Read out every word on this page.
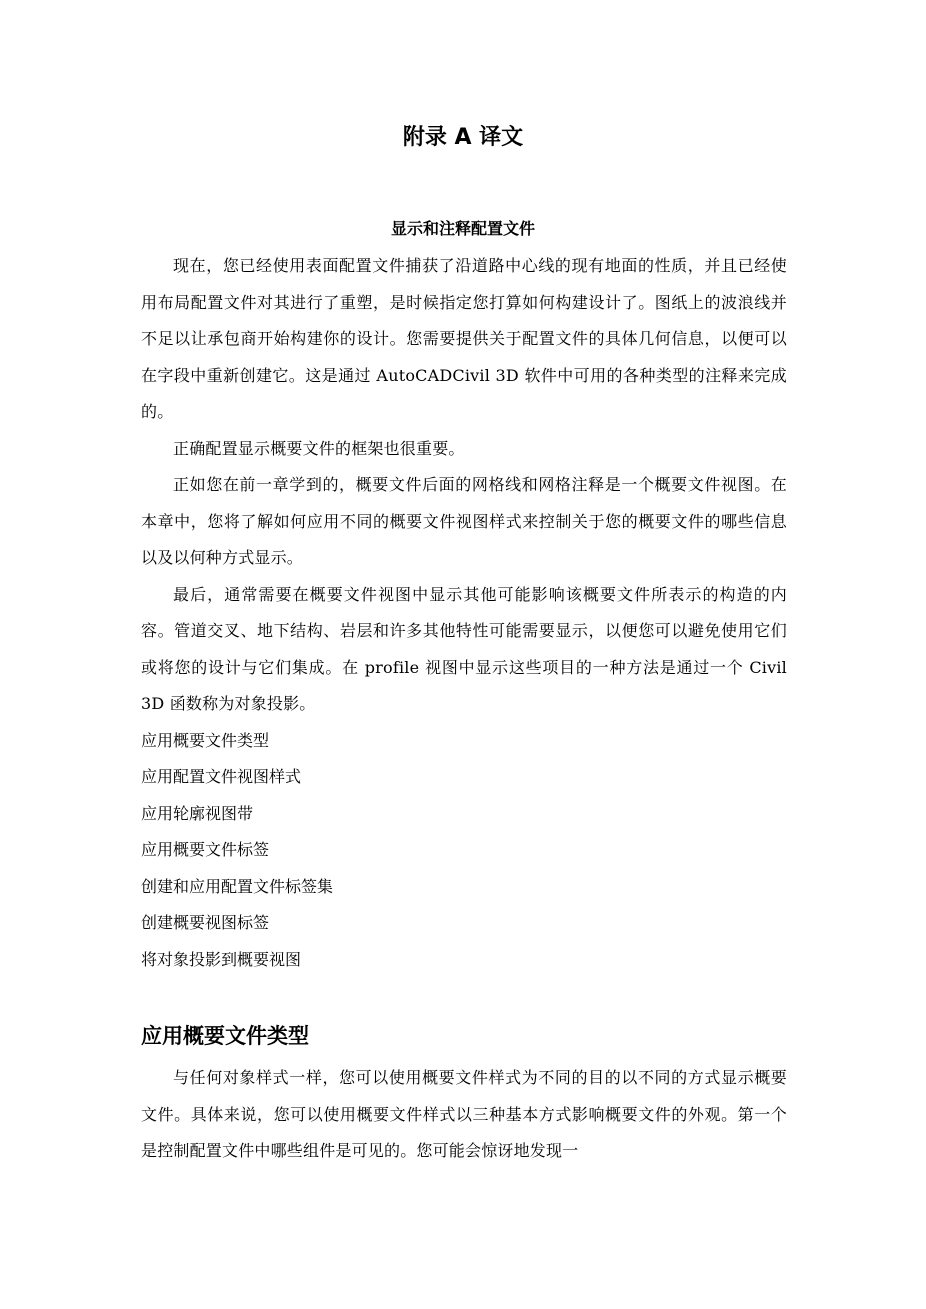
附录 A 译文
显示和注释配置文件

现在，您已经使用表面配置文件捕获了沿道路中心线的现有地面的性质，并且已经使用布局配置文件对其进行了重塑，是时候指定您打算如何构建设计了。图纸上的波浪线并不足以让承包商开始构建你的设计。您需要提供关于配置文件的具体几何信息，以便可以在字段中重新创建它。这是通过 AutoCADCivil 3D 软件中可用的各种类型的注释来完成的。

正确配置显示概要文件的框架也很重要。

正如您在前一章学到的，概要文件后面的网格线和网格注释是一个概要文件视图。在本章中，您将了解如何应用不同的概要文件视图样式来控制关于您的概要文件的哪些信息以及以何种方式显示。

最后，通常需要在概要文件视图中显示其他可能影响该概要文件所表示的构造的内容。管道交叉、地下结构、岩层和许多其他特性可能需要显示，以便您可以避免使用它们或将您的设计与它们集成。在 profile 视图中显示这些项目的一种方法是通过一个 Civil 3D 函数称为对象投影。

应用概要文件类型
应用配置文件视图样式
应用轮廓视图带
应用概要文件标签
创建和应用配置文件标签集
创建概要视图标签
将对象投影到概要视图
应用概要文件类型

与任何对象样式一样，您可以使用概要文件样式为不同的目的以不同的方式显示概要文件。具体来说，您可以使用概要文件样式以三种基本方式影响概要文件的外观。第一个是控制配置文件中哪些组件是可见的。您可能会惊讶地发现一
